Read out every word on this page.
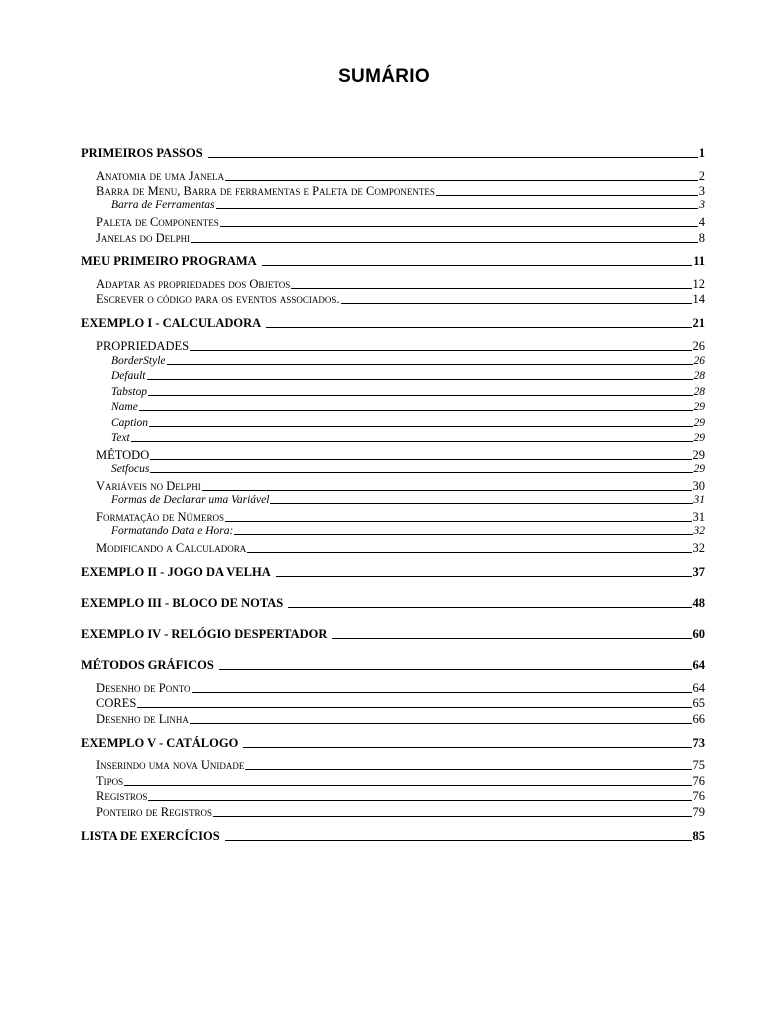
SUMÁRIO
PRIMEIROS PASSOS	1
Anatomia de uma Janela	2
Barra de Menu, Barra de ferramentas e Paleta de Componentes	3
Barra de Ferramentas	3
Paleta de Componentes	4
Janelas do Delphi	8
MEU PRIMEIRO PROGRAMA	11
Adaptar as propriedades dos Objetos	12
Escrever o código para os eventos associados.	14
EXEMPLO I - CALCULADORA	21
PROPRIEDADES	26
BorderStyle	26
Default	28
Tabstop	28
Name	29
Caption	29
Text	29
MÉTODO	29
Setfocus	29
Variáveis no Delphi	30
Formas de Declarar uma Variável	31
Formatação de Números	31
Formatando Data e Hora:	32
Modificando a Calculadora	32
EXEMPLO II - JOGO DA VELHA	37
EXEMPLO III - BLOCO DE NOTAS	48
EXEMPLO IV - RELÓGIO DESPERTADOR	60
MÉTODOS GRÁFICOS	64
Desenho de Ponto	64
CORES	65
Desenho de Linha	66
EXEMPLO V - CATÁLOGO	73
Inserindo uma nova Unidade	75
Tipos	76
Registros	76
Ponteiro de Registros	79
LISTA DE EXERCÍCIOS	85
